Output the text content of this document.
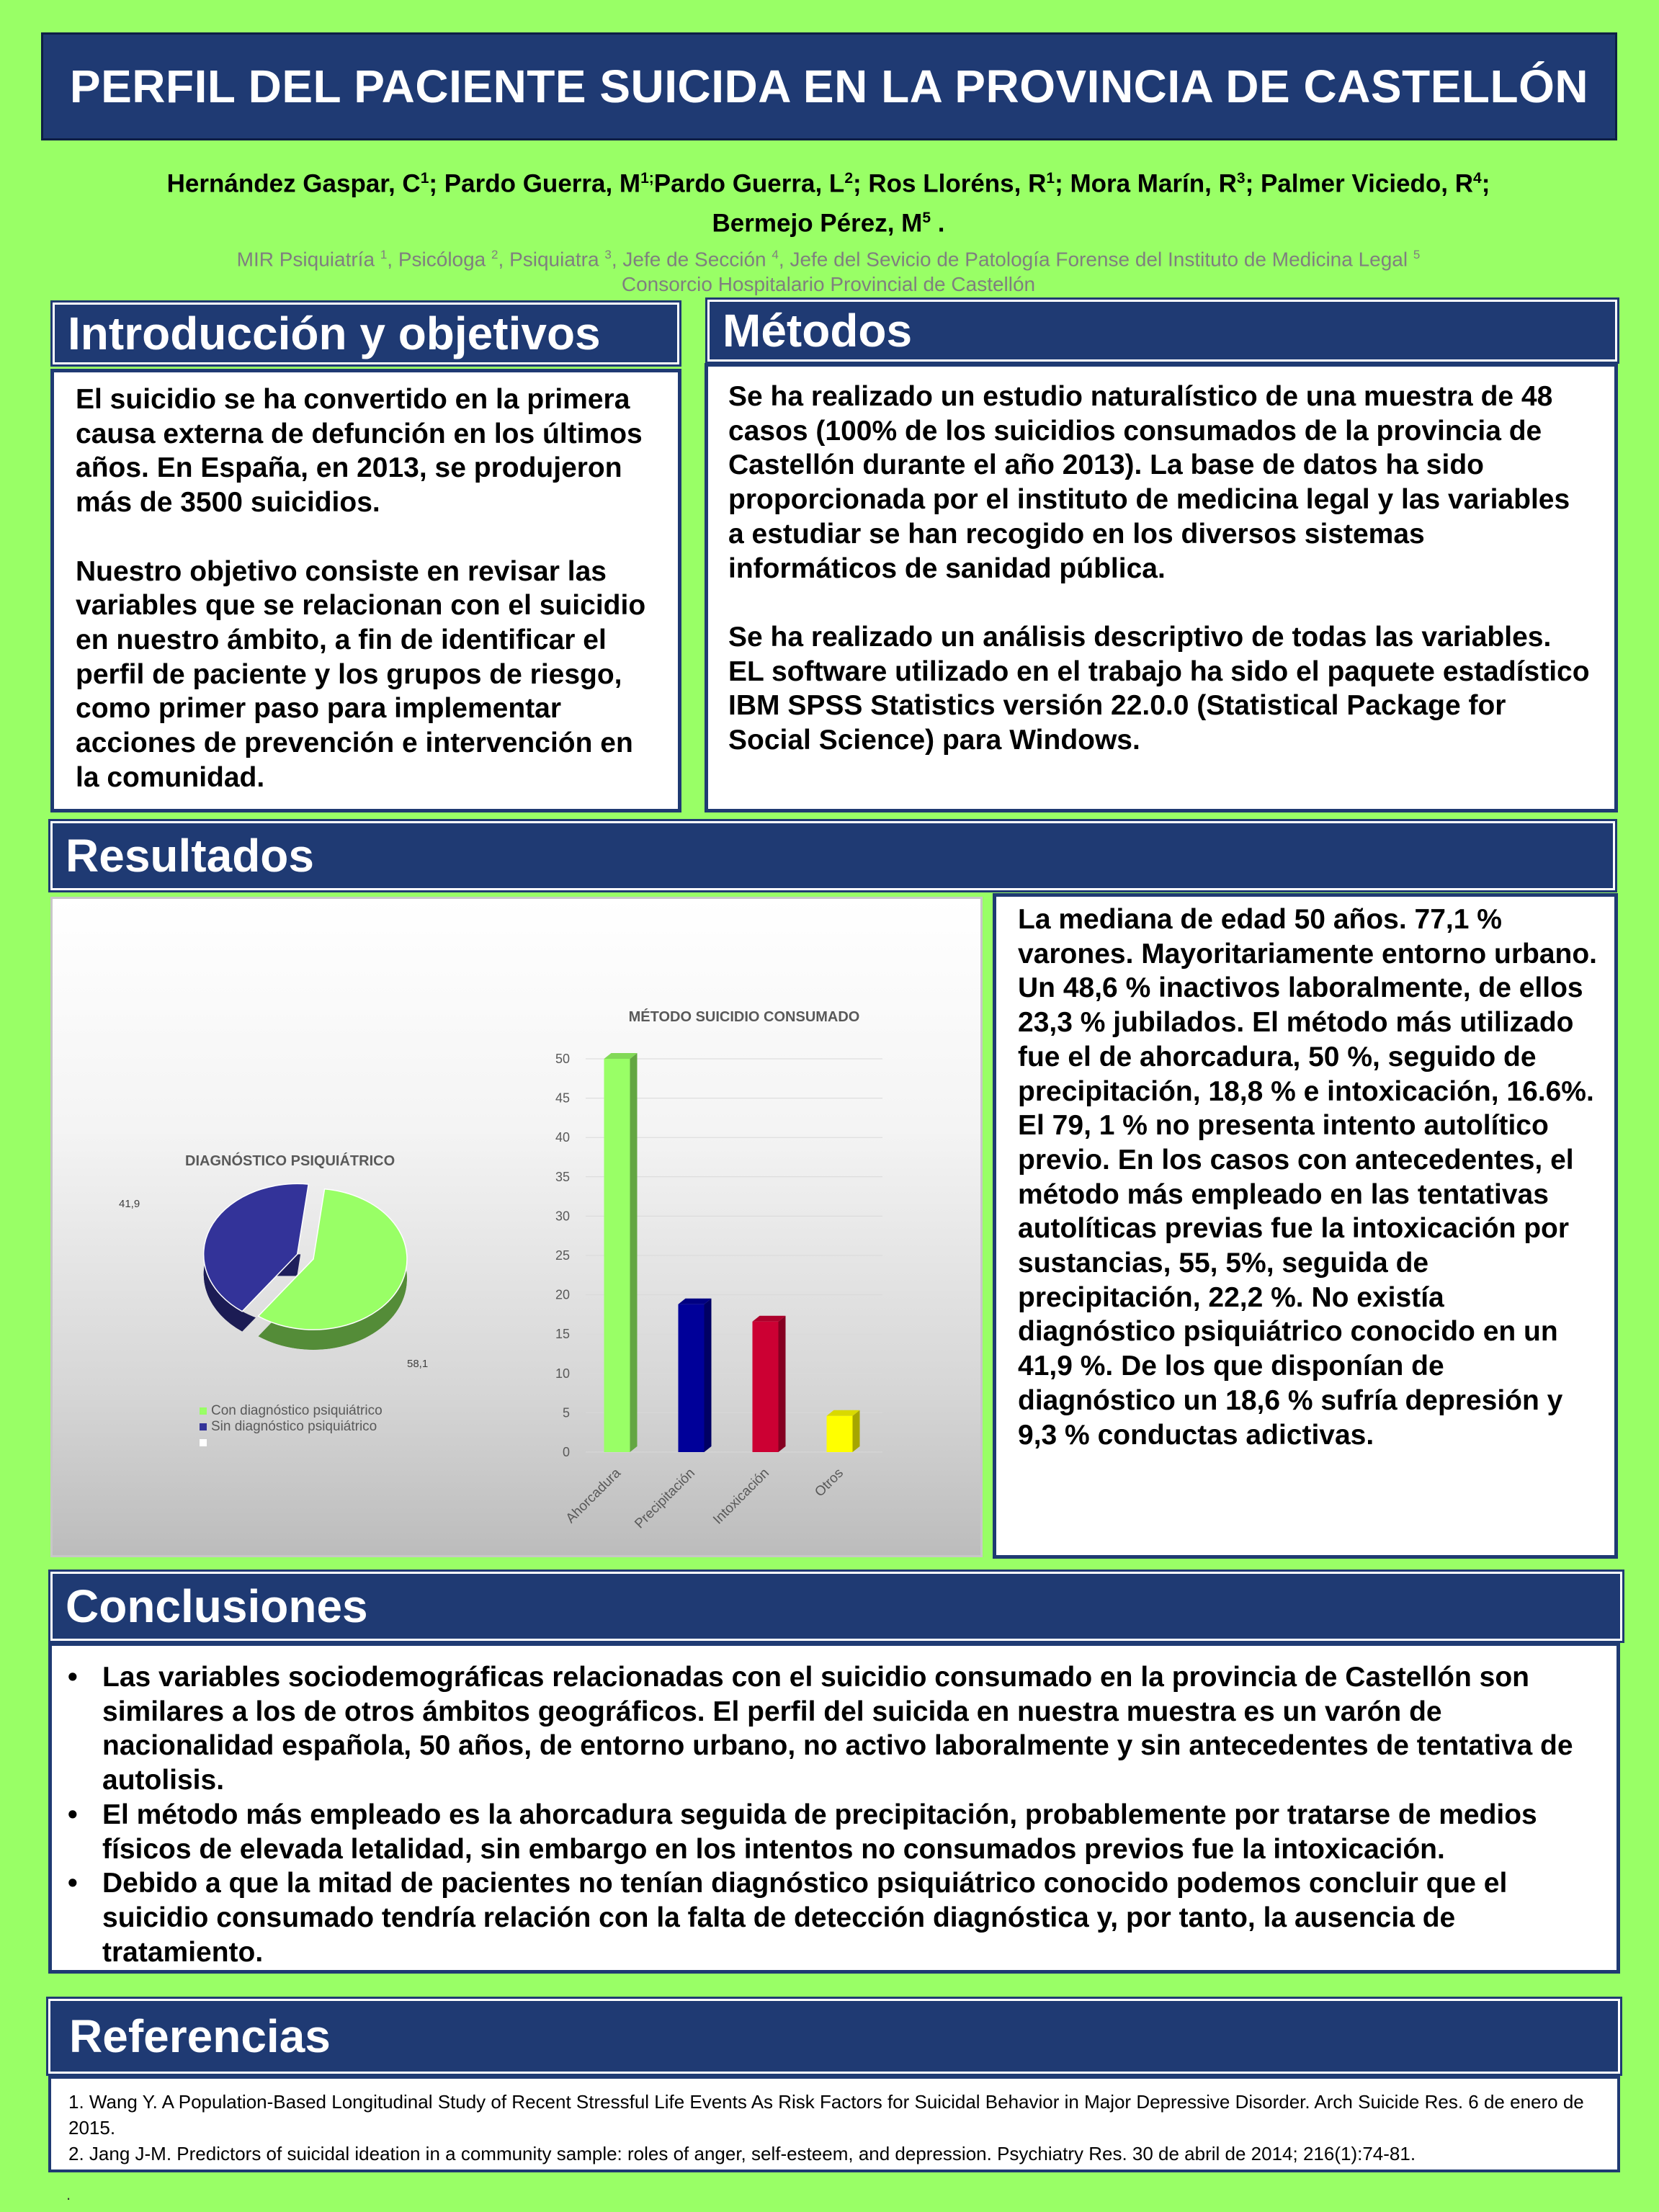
PERFIL DEL PACIENTE SUICIDA EN LA PROVINCIA DE CASTELLÓN
Hernández Gaspar, $C^1$; Pardo Guerra, $M^{1;}Pardo$ Guerra, $L^2$; Ros Lloréns, $R^1$; Mora Marín, $R^3$; Palmer Viciedo, $R^4$;
Bermejo Pérez, $M^5$ .
MIR Psiquiatría $^1$, Psicóloga $^2$, Psiquiatra $^3$, Jefe de Sección $^4$, Jefe del Sevicio de Patología Forense del Instituto de Medicina Legal $^5$
Consorcio Hospitalario Provincial de Castellón
Introducción y objetivos

El suicidio se ha convertido en la primera causa externa de defunción en los últimos años. En España, en 2013, se produjeron más de 3500 suicidios.

Nuestro objetivo consiste en revisar las variables que se relacionan con el suicidio en nuestro ámbito, a fin de identificar el perfil de paciente y los grupos de riesgo, como primer paso para implementar acciones de prevención e intervención en la comunidad.

Métodos

Se ha realizado un estudio naturalístico de una muestra de 48 casos (100% de los suicidios consumados de la provincia de Castellón durante el año 2013). La base de datos ha sido proporcionada por el instituto de medicina legal y las variables a estudiar se han recogido en los diversos sistemas informáticos de sanidad pública.

Se ha realizado un análisis descriptivo de todas las variables. EL software utilizado en el trabajo ha sido el paquete estadístico IBM SPSS Statistics versión 22.0.0 (Statistical Package for Social Science) para Windows.

Resultados
DIAGNÓSTICO PSIQUIÁTRICO
41,9
58,1
Con diagnóstico psiquiátrico
Sin diagnóstico psiquiátrico
MÉTODO SUICIDIO CONSUMADO
0
5
10
15
20
25
30
35
40
45
50
Ahorcadura Precipitación Intoxicación	Otros

La mediana de edad 50 años. 77,1 % varones. Mayoritariamente entorno urbano. Un 48,6 % inactivos laboralmente, de ellos 23,3 % jubilados. El método más utilizado fue el de ahorcadura, 50 %, seguido de precipitación, 18,8 % e intoxicación, 16.6%. El 79, 1 % no presenta intento autolítico previo. En los casos con antecedentes, el método más empleado en las tentativas autolíticas previas fue la intoxicación por sustancias, 55, 5%, seguida de precipitación, 22,2 %. No existía diagnóstico psiquiátrico conocido en un 41,9 %. De los que disponían de diagnóstico un 18,6 % sufría depresión y 9,3 % conductas adictivas.

Conclusiones
• Las variables sociodemográficas relacionadas con el suicidio consumado en la provincia de Castellón son similares a los de otros ámbitos geográficos. El perfil del suicida en nuestra muestra es un varón de nacionalidad española, 50 años, de entorno urbano, no activo laboralmente y sin antecedentes de tentativa de autolisis.
• El método más empleado es la ahorcadura seguida de precipitación, probablemente por tratarse de medios físicos de elevada letalidad, sin embargo en los intentos no consumados previos fue la intoxicación.
• Debido a que la mitad de pacientes no tenían diagnóstico psiquiátrico conocido podemos concluir que el suicidio consumado tendría relación con la falta de detección diagnóstica y, por tanto, la ausencia de tratamiento.
Referencias
1. Wang Y. A Population-Based Longitudinal Study of Recent Stressful Life Events As Risk Factors for Suicidal Behavior in Major Depressive Disorder. Arch Suicide Res. 6 de enero de 2015.
2. Jang J-M. Predictors of suicidal ideation in a community sample: roles of anger, self-esteem, and depression. Psychiatry Res. 30 de abril de 2014; 216(1):74-81.
.
